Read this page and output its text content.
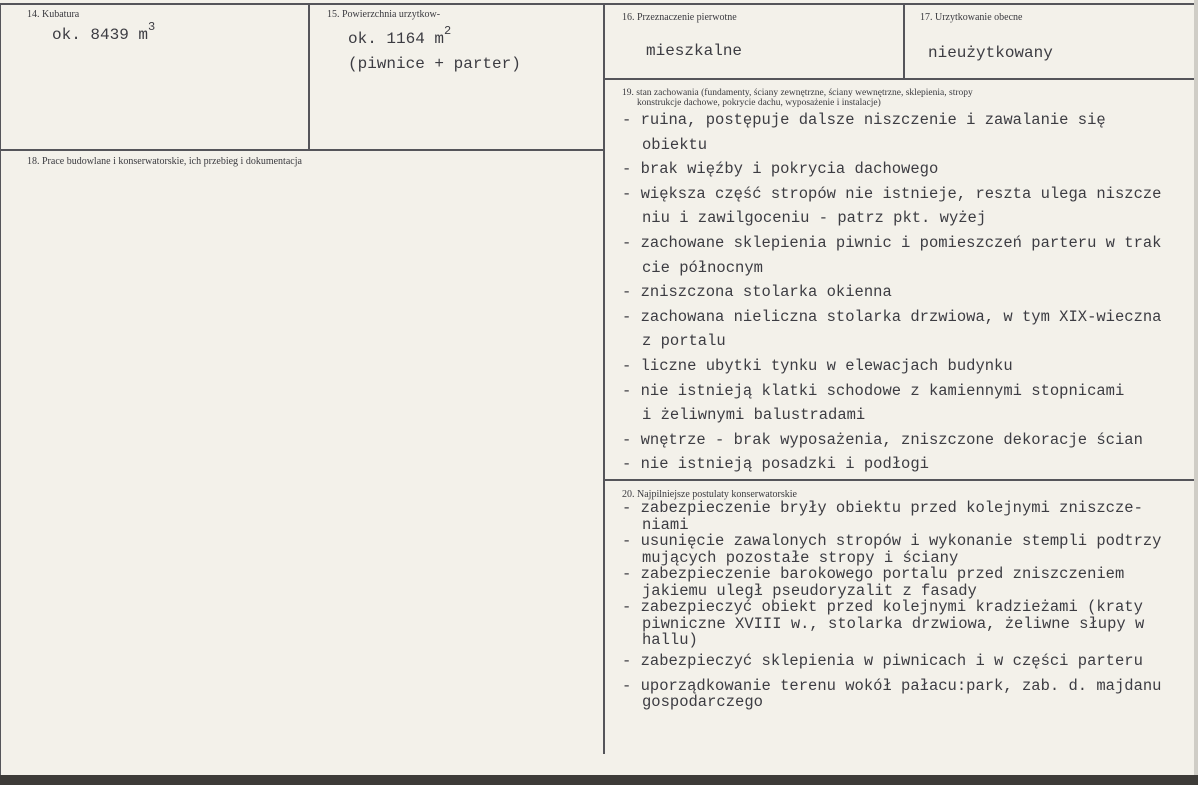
14. Kubatura
ok. 8439 $m^3$
15. Powierzchnia urzytkow-
ok. 1164 $m^2$
(piwnice + parter)
16. Przeznaczenie pierwotne
mieszkalne
17. Urzytkowanie obecne
nieużytkowany
18. Prace budowlane i konserwatorskie, ich przebieg i dokumentacja
19. stan zachowania (fundamenty, ściany zewnętrzne, ściany wewnętrzne, sklepienia, stropy
konstrukcje dachowe, pokrycie dachu, wyposażenie i instalacje)
- ruina, postępuje dalsze niszczenie i zawalanie się
obiektu
- brak więźby i pokrycia dachowego
- większa część stropów nie istnieje, reszta ulega niszcze
niu i zawilgoceniu - patrz pkt. wyżej
- zachowane sklepienia piwnic i pomieszczeń parteru w trak
cie północnym
- zniszczona stolarka okienna
- zachowana nieliczna stolarka drzwiowa, w tym XIX-wieczna
z portalu
- liczne ubytki tynku w elewacjach budynku
- nie istnieją klatki schodowe z kamiennymi stopnicami
i żeliwnymi balustradami
- wnętrze - brak wyposażenia, zniszczone dekoracje ścian
- nie istnieją posadzki i podłogi
20. Najpilniejsze postulaty konserwatorskie
- zabezpieczenie bryły obiektu przed kolejnymi zniszcze-
niami
- usunięcie zawalonych stropów i wykonanie stempli podtrzy
mujących pozostałe stropy i ściany
- zabezpieczenie barokowego portalu przed zniszczeniem
jakiemu uległ pseudoryzalit z fasady
- zabezpieczyć obiekt przed kolejnymi kradzieżami (kraty
piwniczne XVIII w., stolarka drzwiowa, żeliwne słupy w
hallu)
- zabezpieczyć sklepienia w piwnicach i w części parteru
- uporządkowanie terenu wokół pałacu:park, zab. d. majdanu
gospodarczego
